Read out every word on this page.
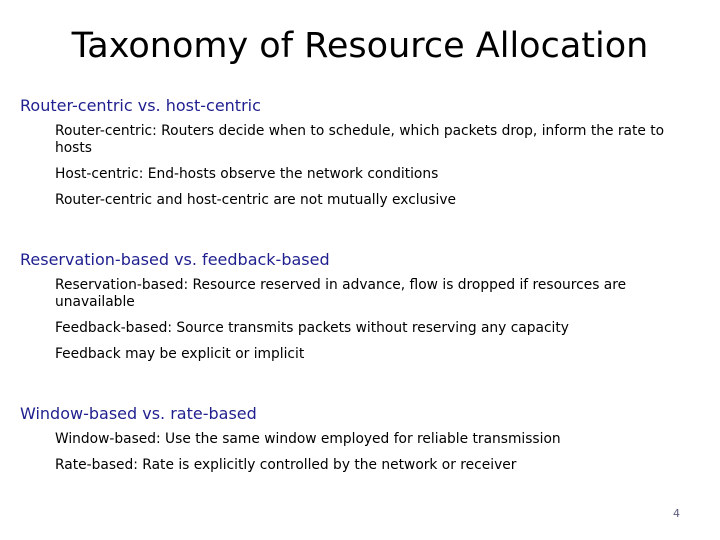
Taxonomy of Resource Allocation
Router-centric vs. host-centric
Router-centric: Routers decide when to schedule, which packets drop, inform the rate to hosts
Host-centric: End-hosts observe the network conditions
Router-centric and host-centric are not mutually exclusive
Reservation-based vs. feedback-based
Reservation-based: Resource reserved in advance, flow is dropped if resources are unavailable
Feedback-based: Source transmits packets without reserving any capacity
Feedback may be explicit or implicit
Window-based vs. rate-based
Window-based: Use the same window employed for reliable transmission
Rate-based: Rate is explicitly controlled by the network or receiver
4
